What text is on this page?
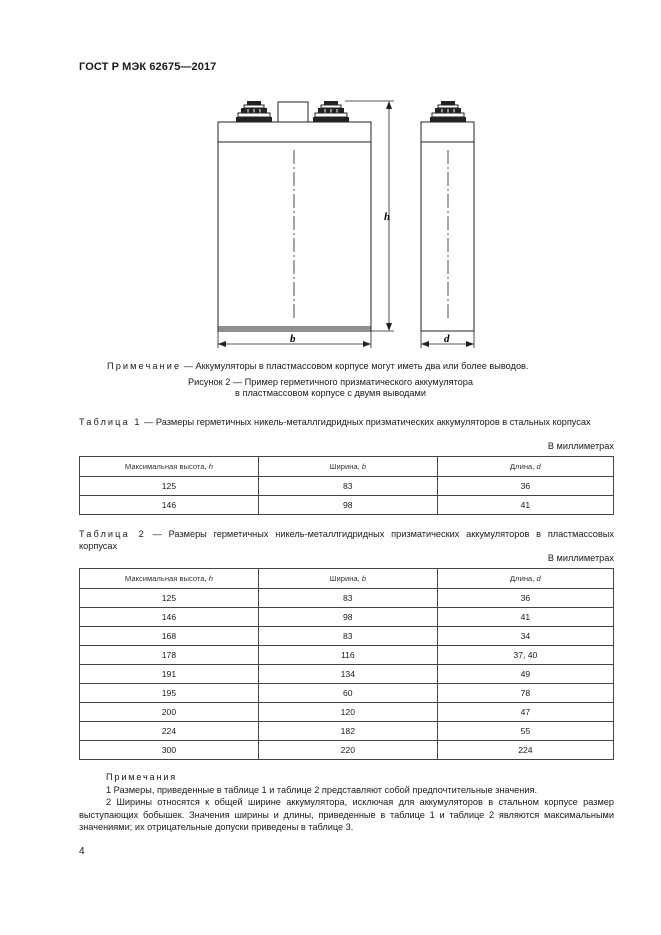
ГОСТ Р МЭК 62675—2017
h
b	d
Примечание — Аккумуляторы в пластмассовом корпусе могут иметь два или более выводов.
Рисунок 2 — Пример герметичного призматического аккумулятора
в пластмассовом корпусе с двумя выводами
Таблица 1 — Размеры герметичных никель-металлгидридных призматических аккумуляторов в стальных корпусах
В миллиметрах
Максимальная высота, h	Ширина, b	Длина, d
125	83	36
146	98	41
Таблица 2 — Размеры герметичных никель-металлгидридных призматических аккумуляторов в пластмассовых корпусах
В миллиметрах
Максимальная высота, h	Ширина, b	Длина, d
125	83	36
146	98	41
168	83	34
178	116	37, 40
191	134	49
195	60	78
200	120	47
224	182	55
300	220	224
Примечания
1 Размеры, приведенные в таблице 1 и таблице 2 представляют собой предпочтительные значения.
2 Ширины относятся к общей ширине аккумулятора, исключая для аккумуляторов в стальном корпусе размер выступающих бобышек. Значения ширины и длины, приведенные в таблице 1 и таблице 2 являются максимальными значениями; их отрицательные допуски приведены в таблице 3.
4
